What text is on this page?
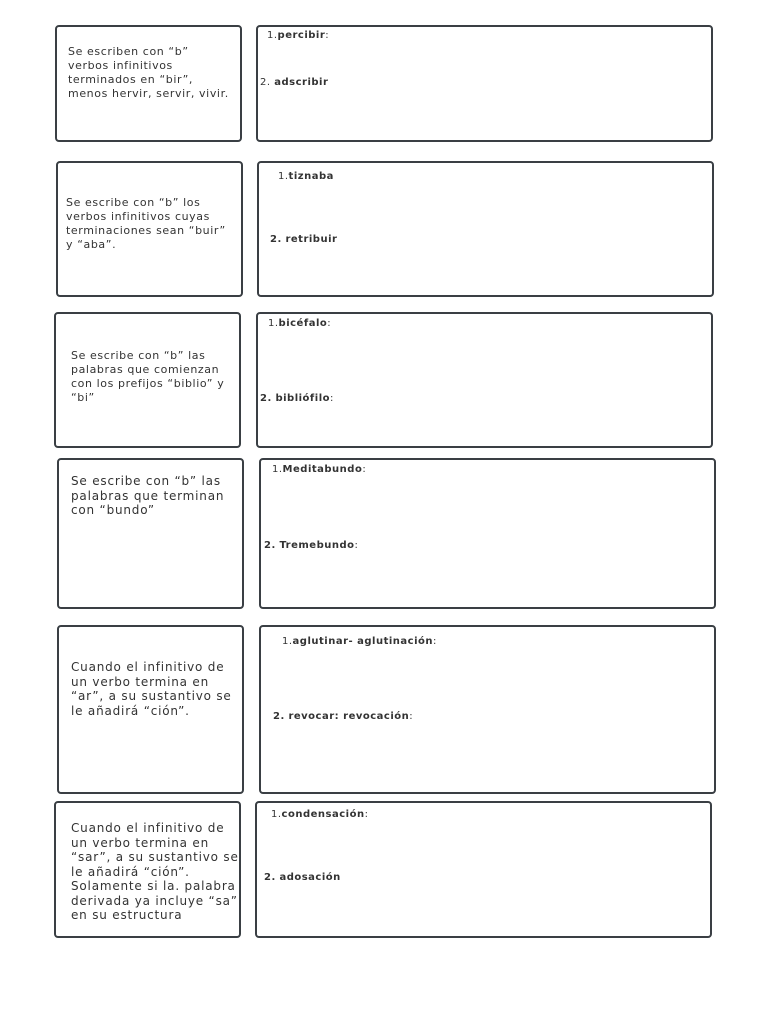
Se escriben con “b”
verbos infinitivos
terminados en “bir”,
menos hervir, servir, vivir.
1.percibir:
2. adscribir
Se escribe con “b” los
verbos infinitivos cuyas
terminaciones sean “buir”
y “aba”.
1.tiznaba
2. retribuir
Se escribe con “b” las
palabras que comienzan
con los prefijos “biblio” y
“bi”
1.bicéfalo:
2. bibliófilo:
Se escribe con “b” las
palabras que terminan
con “bundo”
1.Meditabundo:
2. Tremebundo:
Cuando el infinitivo de
un verbo termina en
“ar”, a su sustantivo se
le añadirá “ción”.
1.aglutinar- aglutinación:
2. revocar: revocación:
Cuando el infinitivo de
un verbo termina en
“sar”, a su sustantivo se
le añadirá “ción”.
Solamente si la. palabra
derivada ya incluye “sa”
en su estructura
1.condensación:
2. adosación
